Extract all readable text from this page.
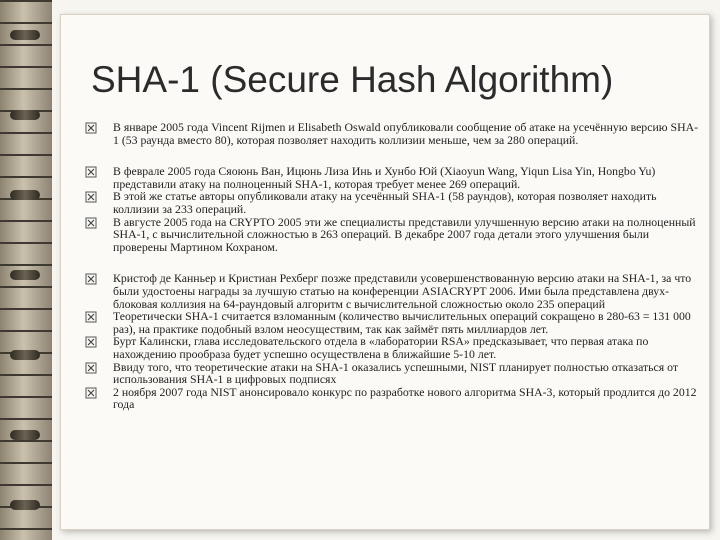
SHA-1 (Secure Hash Algorithm)
В январе 2005 года Vincent Rijmen и Elisabeth Oswald опубликовали сообщение об атаке на усечённую версию SHA-1 (53 раунда вместо 80), которая позволяет находить коллизии меньше, чем за 280 операций.
В феврале 2005 года Сяоюнь Ван, Ицюнь Лиза Инь и Хунбо Юй (Xiaoyun Wang, Yiqun Lisa Yin, Hongbo Yu) представили атаку на полноценный SHA-1, которая требует менее 269 операций.
В этой же статье авторы опубликовали атаку на усечённый SHA-1 (58 раундов), которая позволяет находить коллизии за 233 операций.
В августе 2005 года на CRYPTO 2005 эти же специалисты представили улучшенную версию атаки на полноценный SHA-1, с вычислительной сложностью в 263 операций. В декабре 2007 года детали этого улучшения были проверены Мартином Кохраном.
Кристоф де Канньер и Кристиан Рехберг позже представили усовершенствованную версию атаки на SHA-1, за что были удостоены награды за лучшую статью на конференции ASIACRYPT 2006. Ими была представлена двух-блоковая коллизия на 64-раундовый алгоритм с вычислительной сложностью около 235 операций
Теоретически SHA-1 считается взломанным (количество вычислительных операций сокращено в 280-63 = 131 000 раз), на практике подобный взлом неосуществим, так как займёт пять миллиардов лет.
Бурт Калински, глава исследовательского отдела в «лаборатории RSA» предсказывает, что первая атака по нахождению прообраза будет успешно осуществлена в ближайшие 5-10 лет.
Ввиду того, что теоретические атаки на SHA-1 оказались успешными, NIST планирует полностью отказаться от использования SHA-1 в цифровых подписях
2 ноября 2007 года NIST анонсировало конкурс по разработке нового алгоритма SHA-3, который продлится до 2012 года
